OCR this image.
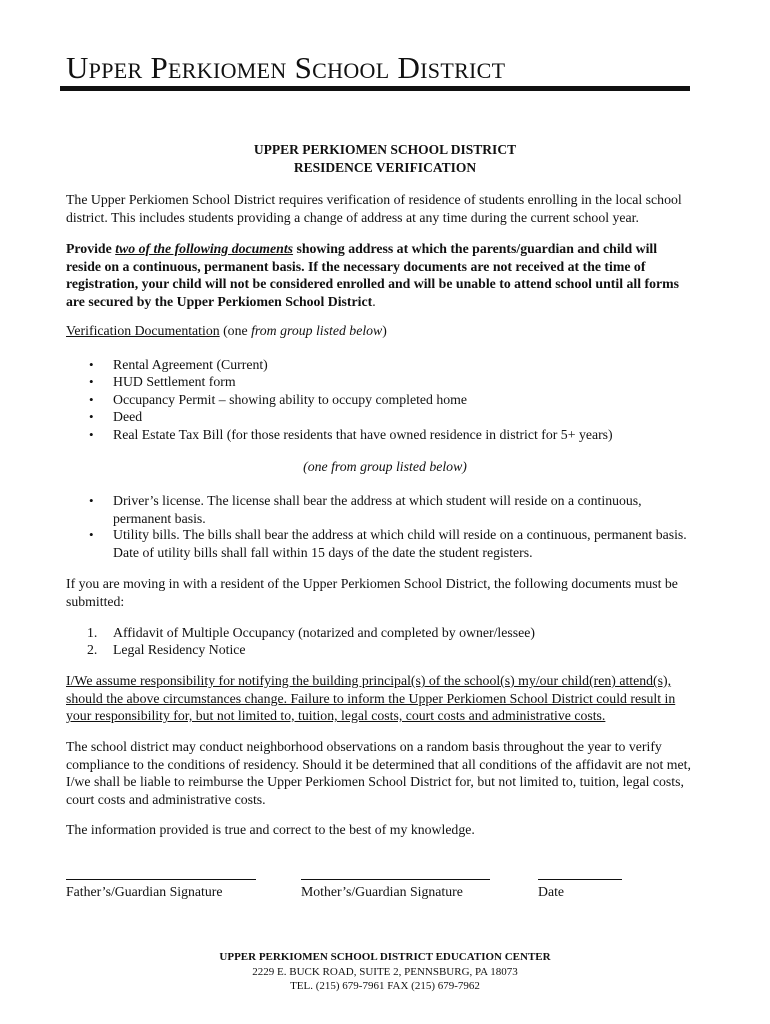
Upper Perkiomen School District
UPPER PERKIOMEN SCHOOL DISTRICT
RESIDENCE VERIFICATION
The Upper Perkiomen School District requires verification of residence of students enrolling in the local school district. This includes students providing a change of address at any time during the current school year.
Provide two of the following documents showing address at which the parents/guardian and child will reside on a continuous, permanent basis. If the necessary documents are not received at the time of registration, your child will not be considered enrolled and will be unable to attend school until all forms are secured by the Upper Perkiomen School District.
Verification Documentation (one from group listed below)
• Rental Agreement (Current)
• HUD Settlement form
• Occupancy Permit – showing ability to occupy completed home
• Deed
• Real Estate Tax Bill (for those residents that have owned residence in district for 5+ years)
(one from group listed below)
• Driver’s license. The license shall bear the address at which student will reside on a continuous, permanent basis.
• Utility bills. The bills shall bear the address at which child will reside on a continuous, permanent basis. Date of utility bills shall fall within 15 days of the date the student registers.
If you are moving in with a resident of the Upper Perkiomen School District, the following documents must be submitted:
1. Affidavit of Multiple Occupancy (notarized and completed by owner/lessee)
2. Legal Residency Notice
I/We assume responsibility for notifying the building principal(s) of the school(s) my/our child(ren) attend(s), should the above circumstances change. Failure to inform the Upper Perkiomen School District could result in your responsibility for, but not limited to, tuition, legal costs, court costs and administrative costs.
The school district may conduct neighborhood observations on a random basis throughout the year to verify compliance to the conditions of residency. Should it be determined that all conditions of the affidavit are not met, I/we shall be liable to reimburse the Upper Perkiomen School District for, but not limited to, tuition, legal costs, court costs and administrative costs.
The information provided is true and correct to the best of my knowledge.
Father’s/Guardian Signature	Mother’s/Guardian Signature	Date
UPPER PERKIOMEN SCHOOL DISTRICT EDUCATION CENTER
2229 E. BUCK ROAD, SUITE 2, PENNSBURG, PA 18073
TEL. (215) 679-7961 FAX (215) 679-7962
